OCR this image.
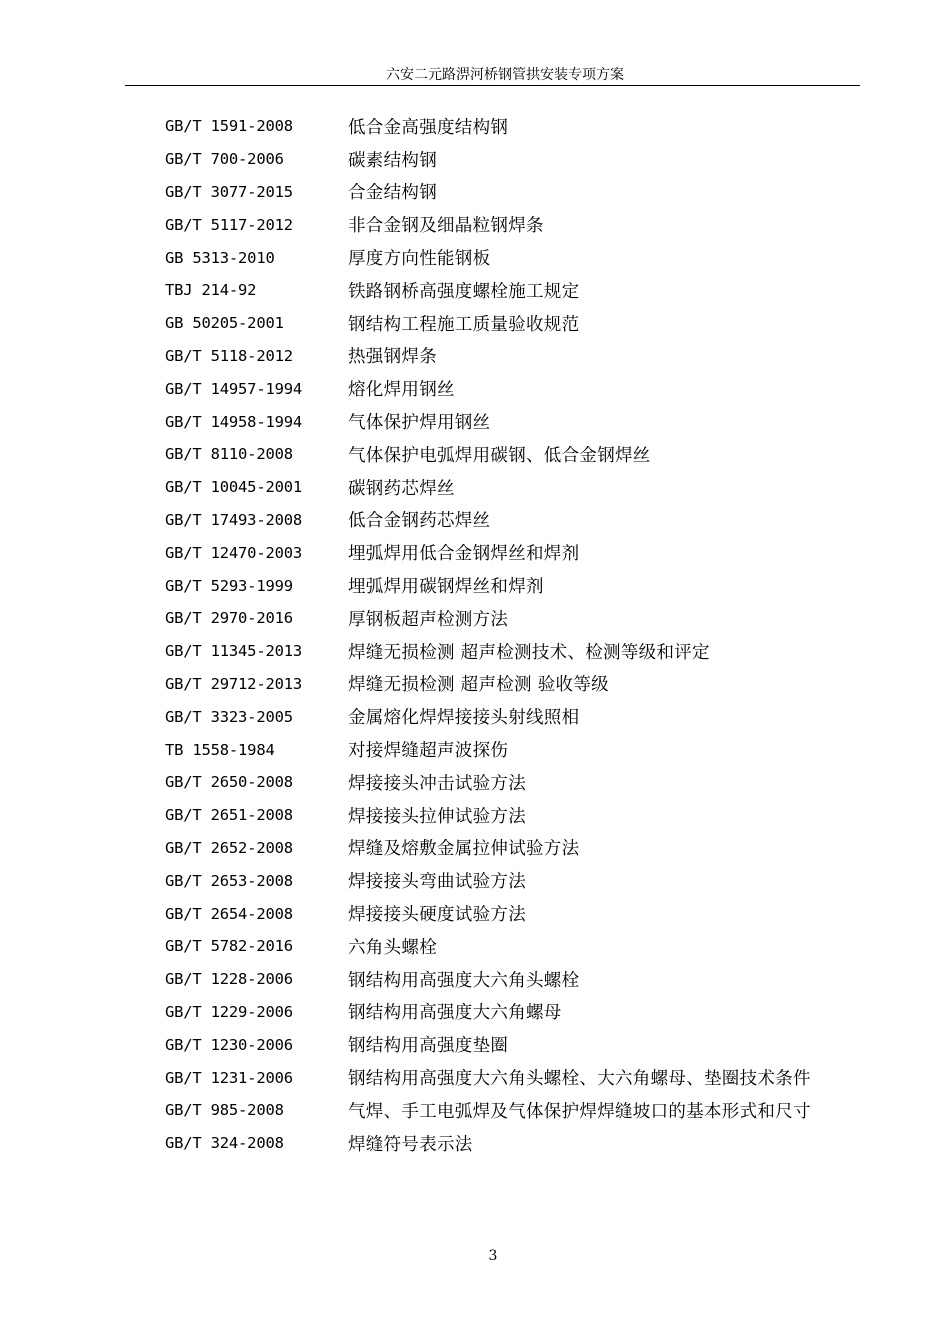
六安二元路淠河桥钢管拱安装专项方案
GB/T 1591-2008	低合金高强度结构钢
GB/T 700-2006	碳素结构钢
GB/T 3077-2015	合金结构钢
GB/T 5117-2012	非合金钢及细晶粒钢焊条
GB 5313-2010	厚度方向性能钢板
TBJ 214-92	铁路钢桥高强度螺栓施工规定
GB 50205-2001	钢结构工程施工质量验收规范
GB/T 5118-2012	热强钢焊条
GB/T 14957-1994	熔化焊用钢丝
GB/T 14958-1994	气体保护焊用钢丝
GB/T 8110-2008	气体保护电弧焊用碳钢、低合金钢焊丝
GB/T 10045-2001	碳钢药芯焊丝
GB/T 17493-2008	低合金钢药芯焊丝
GB/T 12470-2003	埋弧焊用低合金钢焊丝和焊剂
GB/T 5293-1999	埋弧焊用碳钢焊丝和焊剂
GB/T 2970-2016	厚钢板超声检测方法
GB/T 11345-2013	焊缝无损检测 超声检测技术、检测等级和评定
GB/T 29712-2013	焊缝无损检测 超声检测 验收等级
GB/T 3323-2005	金属熔化焊焊接接头射线照相
TB 1558-1984	对接焊缝超声波探伤
GB/T 2650-2008	焊接接头冲击试验方法
GB/T 2651-2008	焊接接头拉伸试验方法
GB/T 2652-2008	焊缝及熔敷金属拉伸试验方法
GB/T 2653-2008	焊接接头弯曲试验方法
GB/T 2654-2008	焊接接头硬度试验方法
GB/T 5782-2016	六角头螺栓
GB/T 1228-2006	钢结构用高强度大六角头螺栓
GB/T 1229-2006	钢结构用高强度大六角螺母
GB/T 1230-2006	钢结构用高强度垫圈
GB/T 1231-2006	钢结构用高强度大六角头螺栓、大六角螺母、垫圈技术条件
GB/T 985-2008	气焊、手工电弧焊及气体保护焊焊缝坡口的基本形式和尺寸
GB/T 324-2008	焊缝符号表示法
3
